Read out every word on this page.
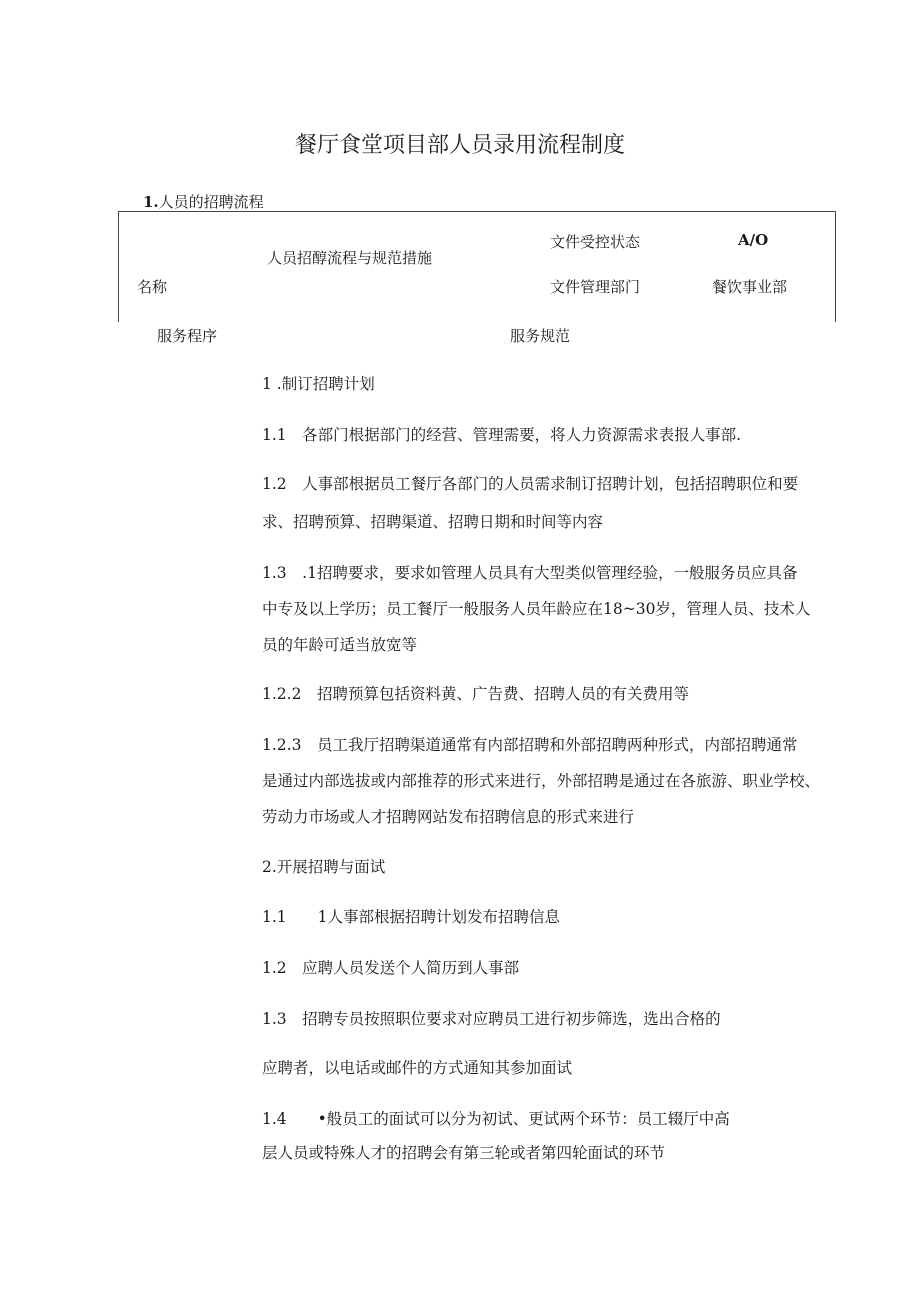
餐厅食堂项目部人员录用流程制度
1.人员的招聘流程
名称
人员招醇流程与规范措施
文件受控状态	A/O
文件管理部门	餐饮事业部
服务程序	服务规范
1 .制订招聘计划
1.1　各部门根据部门的经营、管理需要，将人力资源需求表报人事部.
1.2　人事部根据员工餐厅各部门的人员需求制订招聘计划，包括招聘职位和要
求、招聘预算、招聘渠道、招聘日期和时间等内容
1.3　.1招聘要求，要求如管理人员具有大型类似管理经验，一般服务员应具备
中专及以上学历；员工餐厅一般服务人员年龄应在18~30岁，管理人员、技术人
员的年龄可适当放宽等
1.2.2　招聘预算包括资料黄、广告费、招聘人员的有关费用等
1.2.3　员工我厅招聘渠道通常有内部招聘和外部招聘两种形式，内部招聘通常
是通过内部选拔或内部推荐的形式来进行，外部招聘是通过在各旅游、职业学校、
劳动力市场或人才招聘网站发布招聘信息的形式来进行
2.开展招聘与面试
1.1　　1人事部根据招聘计划发布招聘信息
1.2　应聘人员发送个人简历到人事部
1.3　招聘专员按照职位要求对应聘员工进行初步筛选，选出合格的
应聘者，以电话或邮件的方式通知其参加面试
1.4　　•般员工的面试可以分为初试、更试两个环节：员工辍厅中高
层人员或特殊人才的招聘会有第三轮或者第四轮面试的环节
